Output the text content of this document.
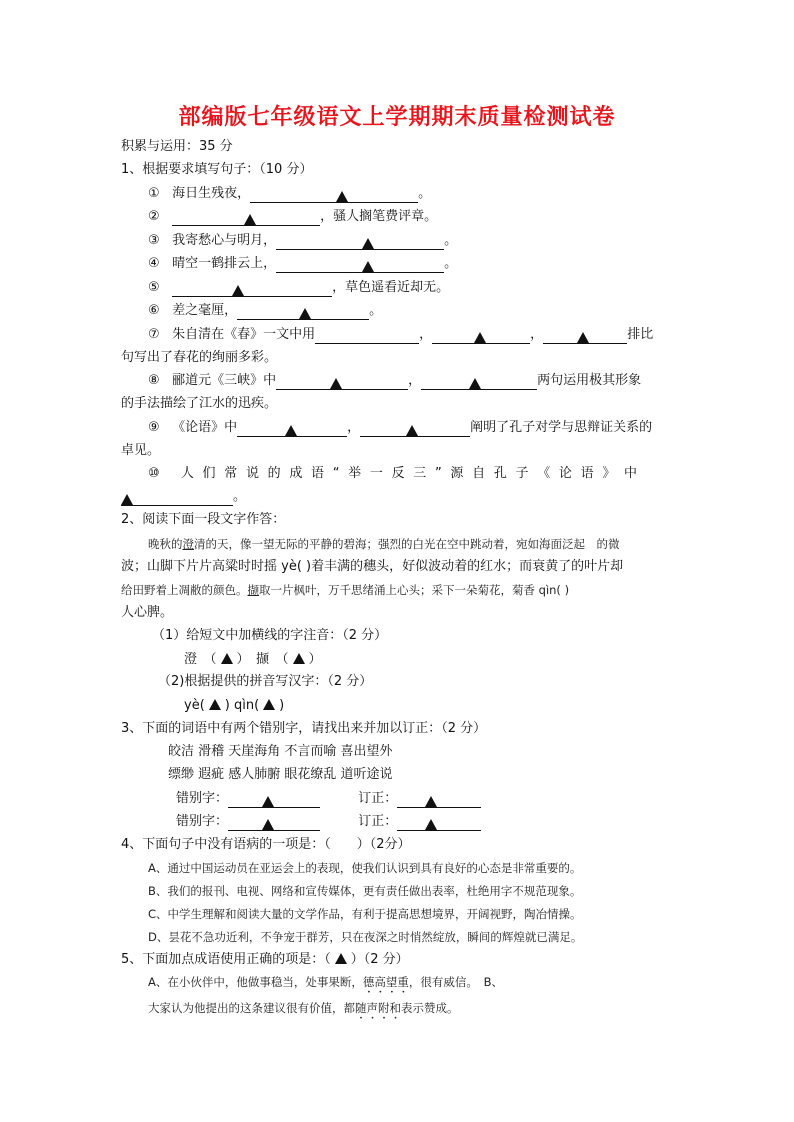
部编版七年级语文上学期期末质量检测试卷
积累与运用：35 分
1、根据要求填写句子：（10 分）
① 海日生残夜，	。
②	，骚人搁笔费评章。
③ 我寄愁心与明月，	。
④ 晴空一鹤排云上，	。
⑤	，草色遥看近却无。
⑥ 差之毫厘，	。
⑦ 朱自清在《春》一文中用	，	，	排比
句写出了春花的绚丽多彩。
⑧ 郦道元《三峡》中	，	两句运用极其形象
的手法描绘了江水的迅疾。
⑨ 《论语》中	，	阐明了孔子对学与思辩证关系的
卓见。
⑩ 人们常说的成语“举一反三”源自孔子《论语》中
。
2、阅读下面一段文字作答：
晚秋的澄清的天，像一望无际的平静的碧海；强烈的白光在空中跳动着，宛如海面泛起　的微
波；山脚下片片高粱时时摇 yè( )着丰满的穗头，好似波动着的红水；而衰黄了的叶片却
给田野着上凋敝的颜色。撷取一片枫叶，万千思绪涌上心头；采下一朵菊花，菊香 qìn( )
人心脾。
（1）给短文中加横线的字注音：（2 分）
澄　（ ）　撷　（ ）
（2)根据提供的拼音写汉字：（2 分）
yè( ) qìn( )
3、下面的词语中有两个错别字，请找出来并加以订正：（2 分）
皎洁 滑稽 天崖海角 不言而喻 喜出望外
缥缈 遐疵 感人肺腑 眼花缭乱 道听途说
错别字：	订正：
错别字：	订正：
4、下面句子中没有语病的一项是：（　　）（2分）
A、通过中国运动员在亚运会上的表现，使我们认识到具有良好的心态是非常重要的。
B、我们的报刊、电视、网络和宣传媒体，更有责任做出表率，杜绝用字不规范现象。
C、中学生理解和阅读大量的文学作品，有利于提高思想境界，开阔视野，陶冶情操。
D、昙花不急功近利，不争宠于群芳，只在夜深之时悄然绽放，瞬间的辉煌就已满足。
5、下面加点成语使用正确的项是：（ ）（2 分）
A、在小伙伴中，他做事稳当，处事果断，德高望重，很有威信。　B、
大家认为他提出的这条建议很有价值，都随声附和表示赞成。
